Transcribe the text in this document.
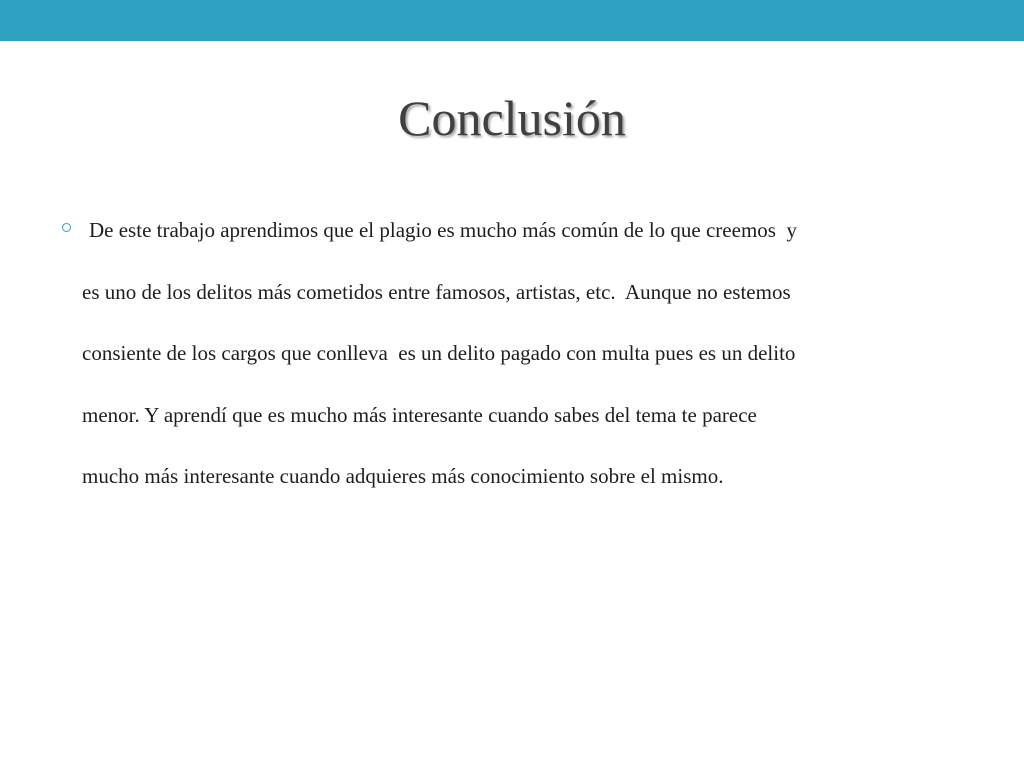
Conclusión
De este trabajo aprendimos que el plagio es mucho más común de lo que creemos  y
es uno de los delitos más cometidos entre famosos, artistas, etc.  Aunque no estemos
consiente de los cargos que conlleva  es un delito pagado con multa pues es un delito
menor. Y aprendí que es mucho más interesante cuando sabes del tema te parece
mucho más interesante cuando adquieres más conocimiento sobre el mismo.
